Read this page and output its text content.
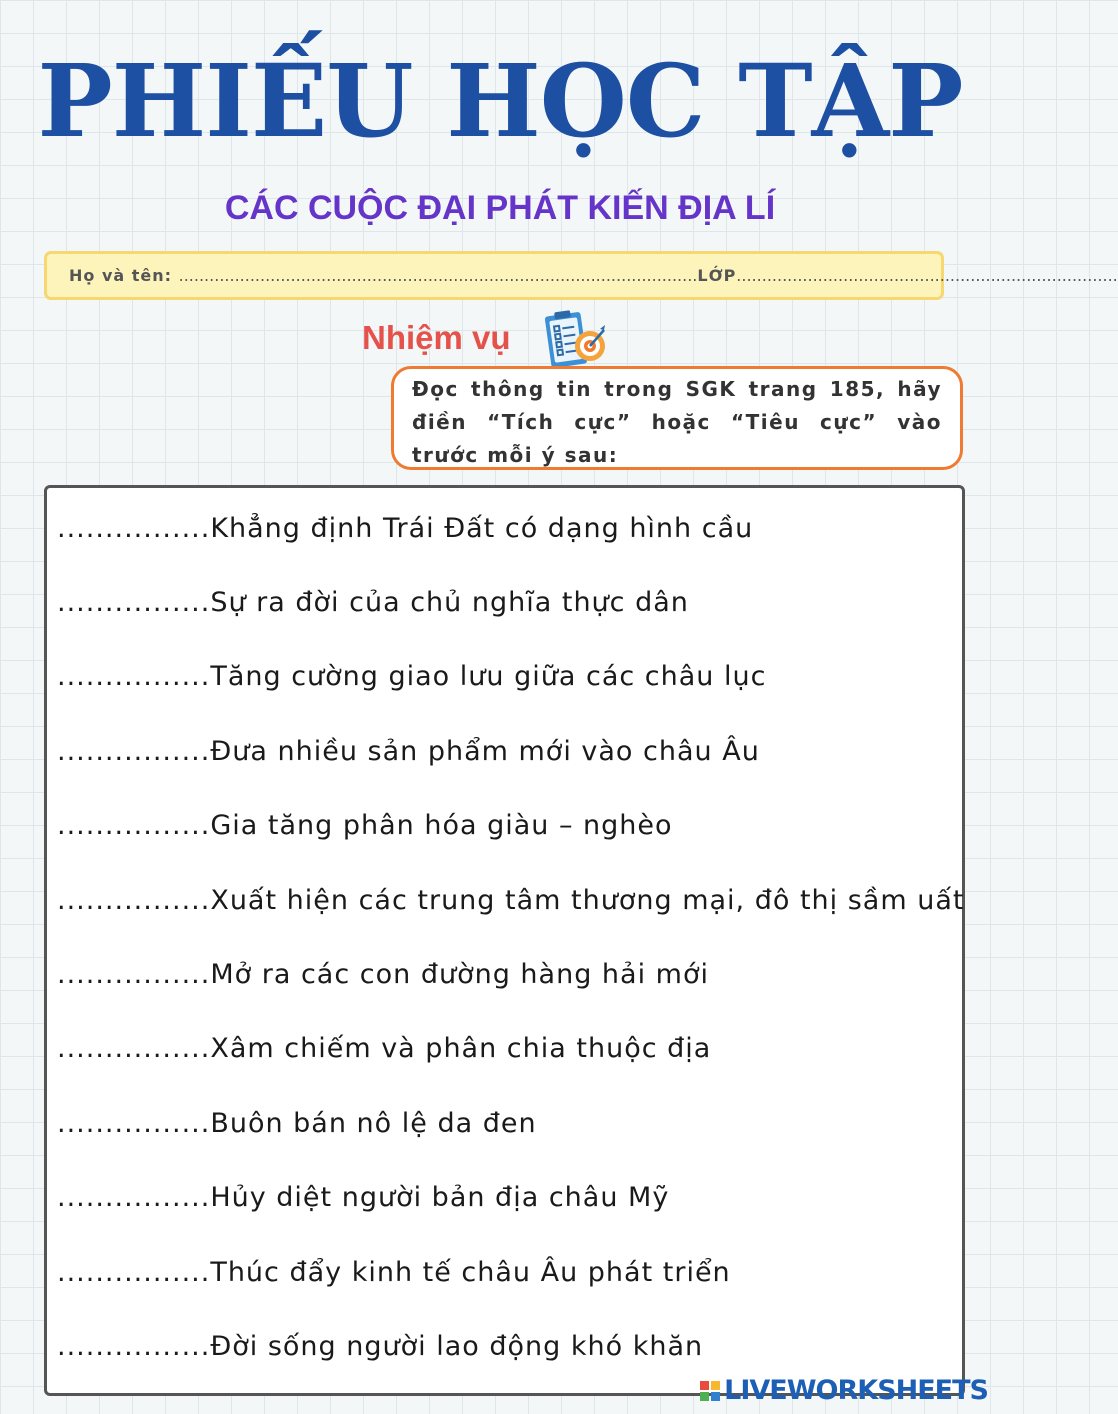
PHIẾU HỌC TẬP
CÁC CUỘC ĐẠI PHÁT KIẾN ĐỊA LÍ
Họ và tên: ......................................................................................................LỚP...........................................................................
Nhiệm vụ

Đọc thông tin trong SGK trang 185, hãy điền “Tích cực” hoặc “Tiêu cực” vào trước mỗi ý sau:

................Khẳng định Trái Đất có dạng hình cầu
................Sự ra đời của chủ nghĩa thực dân
................Tăng cường giao lưu giữa các châu lục
................Đưa nhiều sản phẩm mới vào châu Âu
................Gia tăng phân hóa giàu – nghèo
................Xuất hiện các trung tâm thương mại, đô thị sầm uất
................Mở ra các con đường hàng hải mới
................Xâm chiếm và phân chia thuộc địa
................Buôn bán nô lệ da đen
................Hủy diệt người bản địa châu Mỹ
................Thúc đẩy kinh tế châu Âu phát triển
................Đời sống người lao động khó khăn
LIVEWORKSHEETS
